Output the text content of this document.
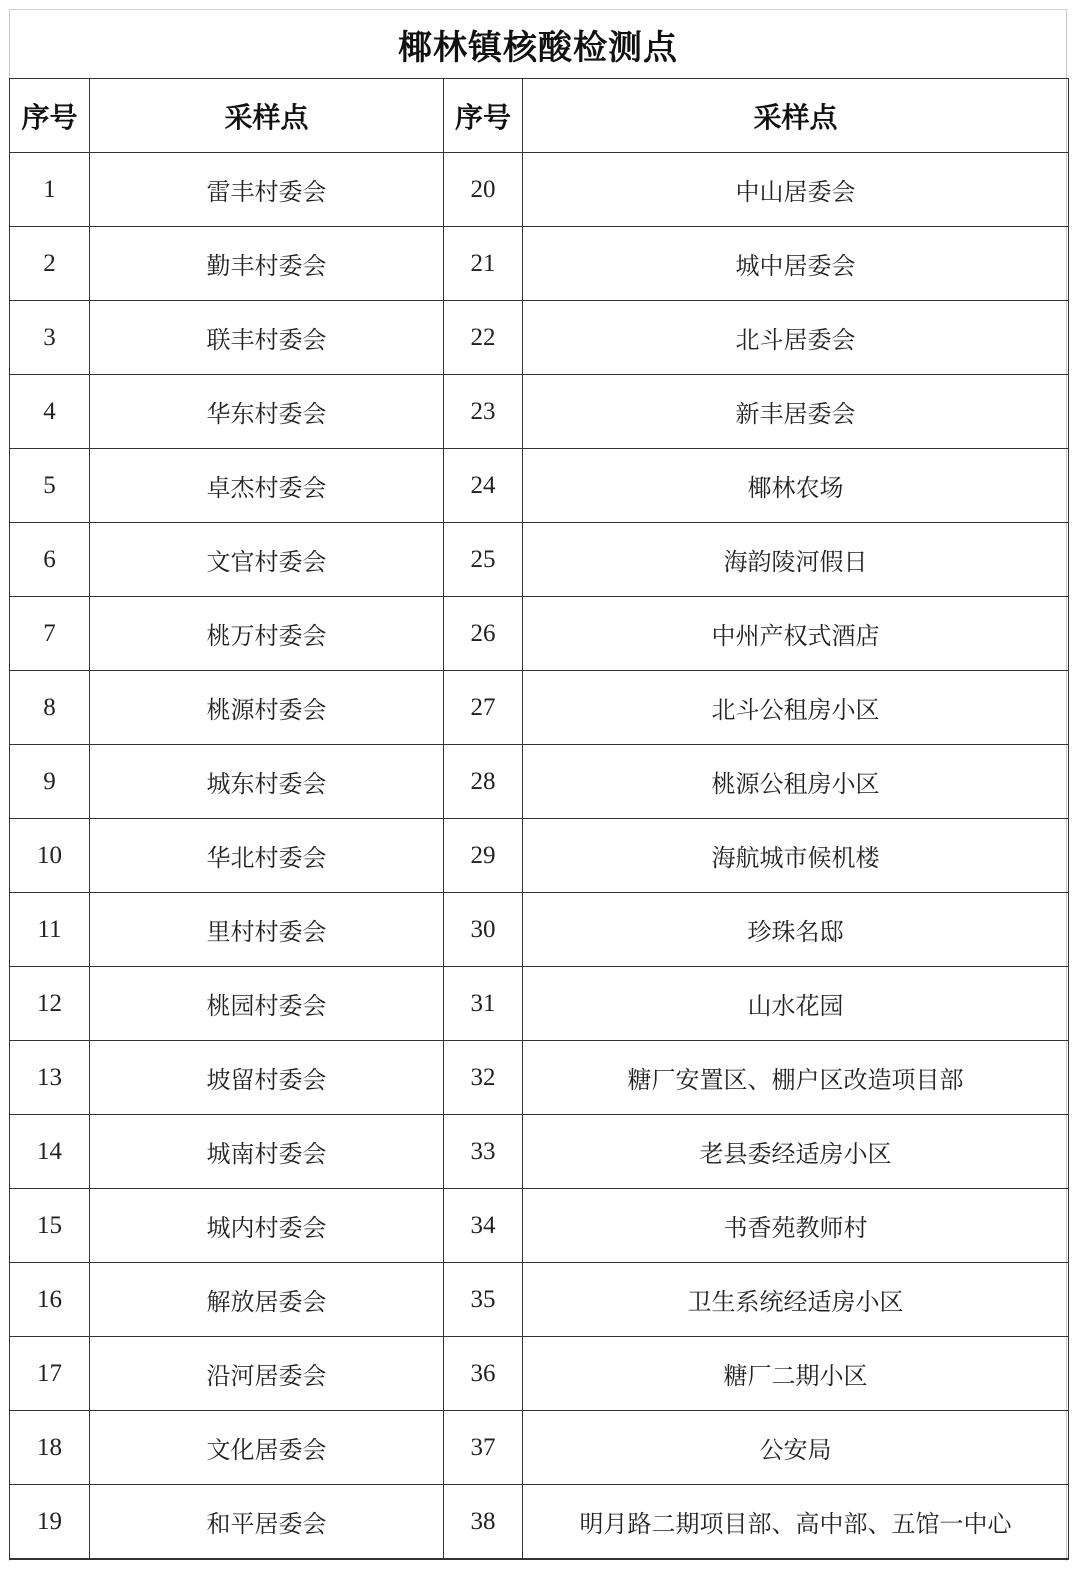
椰林镇核酸检测点
序号	采样点	序号	采样点
1	雷丰村委会	20	中山居委会
2	勤丰村委会	21	城中居委会
3	联丰村委会	22	北斗居委会
4	华东村委会	23	新丰居委会
5	卓杰村委会	24	椰林农场
6	文官村委会	25	海韵陵河假日
7	桃万村委会	26	中州产权式酒店
8	桃源村委会	27	北斗公租房小区
9	城东村委会	28	桃源公租房小区
10	华北村委会	29	海航城市候机楼
11	里村村委会	30	珍珠名邸
12	桃园村委会	31	山水花园
13	坡留村委会	32	糖厂安置区、棚户区改造项目部
14	城南村委会	33	老县委经适房小区
15	城内村委会	34	书香苑教师村
16	解放居委会	35	卫生系统经适房小区
17	沿河居委会	36	糖厂二期小区
18	文化居委会	37	公安局
19	和平居委会	38	明月路二期项目部、高中部、五馆一中心
